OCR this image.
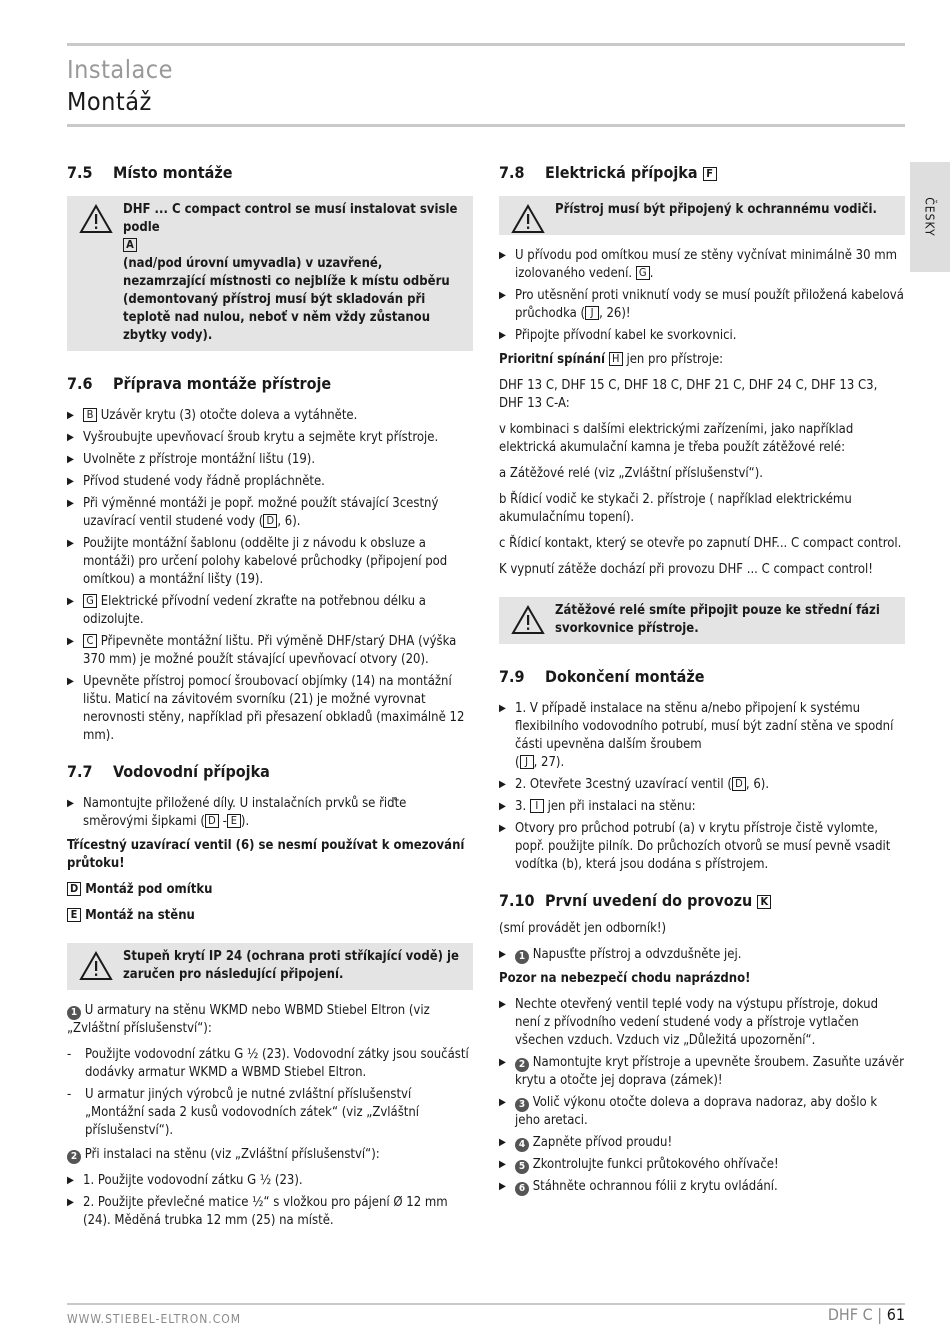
Instalace
Montáž
ČESKY
7.5 Místo montáže
DHF ... C compact control se musí instalovat svisle podle
A
(nad/pod úrovní umyvadla) v uzavřené, nezamrzající místnosti co nejblíže k místu odběru (demontovaný přístroj musí být skladován při teplotě nad nulou, neboť v něm vždy zůstanou zbytky vody).
7.6 Příprava montáže přístroje
▶ B Uzávěr krytu (3) otočte doleva a vytáhněte.
▶ Vyšroubujte upevňovací šroub krytu a sejměte kryt přístroje.
▶ Uvolněte z přístroje montážní lištu (19).
▶ Přívod studené vody řádně propláchněte.
▶ Při výměnné montáži je popř. možné použít stávající 3cestný uzavírací ventil studené vody ( D , 6).
▶ Použijte montážní šablonu (oddělte ji z návodu k obsluze a montáži) pro určení polohy kabelové průchodky (připojení pod omítkou) a montážní lišty (19).
▶ G Elektrické přívodní vedení zkraťte na potřebnou délku a odizolujte.
▶ C Připevněte montážní lištu. Při výměně DHF/starý DHA (výška 370 mm) je možné použít stávající upevňovací otvory (20).
▶ Upevněte přístroj pomocí šroubovací objímky (14) na montážní lištu. Maticí na závitovém svorníku (21) je možné vyrovnat nerovnosti stěny, například při přesazení obkladů (maximálně 12 mm).
7.7 Vodovodní přípojka
▶ Namontujte přiložené díly. U instalačních prvků se řiďte směrovými šipkami ( D - E ).

Třícestný uzavírací ventil (6) se nesmí používat k omezování průtoku!

D Montáž pod omítku

E Montáž na stěnu

Stupeň krytí IP 24 (ochrana proti stříkající vodě) je zaručen pro následující připojení.

1 U armatury na stěnu WKMD nebo WBMD Stiebel Eltron (viz „Zvláštní příslušenství“):

- Použijte vodovodní zátku G ½ (23). Vodovodní zátky jsou součástí dodávky armatur WKMD a WBMD Stiebel Eltron.
- U armatur jiných výrobců je nutné zvláštní příslušenství „Montážní sada 2 kusů vodovodních zátek“ (viz „Zvláštní příslušenství“).

2 Při instalaci na stěnu (viz „Zvláštní příslušenství“):

▶ 1. Použijte vodovodní zátku G ½ (23).
▶ 2. Použijte převlečné matice ½“ s vložkou pro pájení Ø 12 mm (24). Měděná trubka 12 mm (25) na místě.
7.8 Elektrická přípojka F
Přístroj musí být připojený k ochrannému vodiči.
▶ U přívodu pod omítkou musí ze stěny vyčnívat minimálně 30 mm izolovaného vedení. G .
▶ Pro utěsnění proti vniknutí vody se musí použít přiložená kabelová průchodka ( J , 26)!
▶ Připojte přívodní kabel ke svorkovnici.

Prioritní spínání H jen pro přístroje:

DHF 13 C, DHF 15 C, DHF 18 C, DHF 21 C, DHF 24 C, DHF 13 C3, DHF 13 C-A:

v kombinaci s dalšími elektrickými zařízeními, jako například elektrická akumulační kamna je třeba použít zátěžové relé:

a Zátěžové relé (viz „Zvláštní příslušenství“).

b Řídicí vodič ke stykači 2. přístroje ( například elektrickému akumulačnímu topení).

c Řídicí kontakt, který se otevře po zapnutí DHF... C compact control.

K vypnutí zátěže dochází při provozu DHF ... C compact control!

Zátěžové relé smíte připojit pouze ke střední fázi svorkovnice přístroje.
7.9 Dokončení montáže
▶ 1. V případě instalace na stěnu a/nebo připojení k systému flexibilního vodovodního potrubí, musí být zadní stěna ve spodní části upevněna dalším šroubem
( J , 27).
▶ 2. Otevřete 3cestný uzavírací ventil ( D , 6).
▶ 3. I jen při instalaci na stěnu:
▶ Otvory pro průchod potrubí (a) v krytu přístroje čistě vylomte, popř. použijte pilník. Do průchozích otvorů se musí pevně vsadit vodítka (b), která jsou dodána s přístrojem.
7.10 První uvedení do provozu K

(smí provádět jen odborník!)

▶ 1 Napusťte přístroj a odvzdušněte jej.

Pozor na nebezpečí chodu naprázdno!

▶ Nechte otevřený ventil teplé vody na výstupu přístroje, dokud není z přívodního vedení studené vody a přístroje vytlačen všechen vzduch. Vzduch viz „Důležitá upozornění“.
▶ 2 Namontujte kryt přístroje a upevněte šroubem. Zasuňte uzávěr krytu a otočte jej doprava (zámek)!
▶ 3 Volič výkonu otočte doleva a doprava nadoraz, aby došlo k jeho aretaci.
▶ 4 Zapněte přívod proudu!
▶ 5 Zkontrolujte funkci průtokového ohřívače!
▶ 6 Stáhněte ochrannou fólii z krytu ovládání.
WWW.STIEBEL-ELTRON.COM	DHF C | 61
